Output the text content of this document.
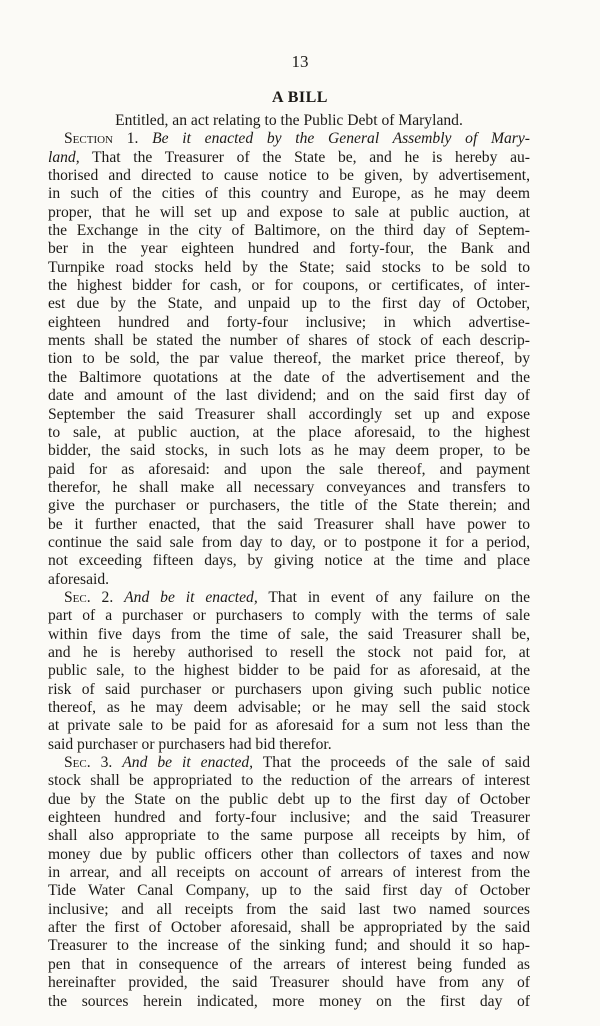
13
A BILL
Entitled, an act relating to the Public Debt of Maryland.
Section 1. Be it enacted by the General Assembly of Mary-
land, That the Treasurer of the State be, and he is hereby au-
thorised and directed to cause notice to be given, by advertisement,
in such of the cities of this country and Europe, as he may deem
proper, that he will set up and expose to sale at public auction, at
the Exchange in the city of Baltimore, on the third day of Septem-
ber in the year eighteen hundred and forty-four, the Bank and
Turnpike road stocks held by the State; said stocks to be sold to
the highest bidder for cash, or for coupons, or certificates, of inter-
est due by the State, and unpaid up to the first day of October,
eighteen hundred and forty-four inclusive; in which advertise-
ments shall be stated the number of shares of stock of each descrip-
tion to be sold, the par value thereof, the market price thereof, by
the Baltimore quotations at the date of the advertisement and the
date and amount of the last dividend; and on the said first day of
September the said Treasurer shall accordingly set up and expose
to sale, at public auction, at the place aforesaid, to the highest
bidder, the said stocks, in such lots as he may deem proper, to be
paid for as aforesaid: and upon the sale thereof, and payment
therefor, he shall make all necessary conveyances and transfers to
give the purchaser or purchasers, the title of the State therein; and
be it further enacted, that the said Treasurer shall have power to
continue the said sale from day to day, or to postpone it for a period,
not exceeding fifteen days, by giving notice at the time and place
aforesaid.
Sec. 2. And be it enacted, That in event of any failure on the
part of a purchaser or purchasers to comply with the terms of sale
within five days from the time of sale, the said Treasurer shall be,
and he is hereby authorised to resell the stock not paid for, at
public sale, to the highest bidder to be paid for as aforesaid, at the
risk of said purchaser or purchasers upon giving such public notice
thereof, as he may deem advisable; or he may sell the said stock
at private sale to be paid for as aforesaid for a sum not less than the
said purchaser or purchasers had bid therefor.
Sec. 3. And be it enacted, That the proceeds of the sale of said
stock shall be appropriated to the reduction of the arrears of interest
due by the State on the public debt up to the first day of October
eighteen hundred and forty-four inclusive; and the said Treasurer
shall also appropriate to the same purpose all receipts by him, of
money due by public officers other than collectors of taxes and now
in arrear, and all receipts on account of arrears of interest from the
Tide Water Canal Company, up to the said first day of October
inclusive; and all receipts from the said last two named sources
after the first of October aforesaid, shall be appropriated by the said
Treasurer to the increase of the sinking fund; and should it so hap-
pen that in consequence of the arrears of interest being funded as
hereinafter provided, the said Treasurer should have from any of
the sources herein indicated, more money on the first day of
